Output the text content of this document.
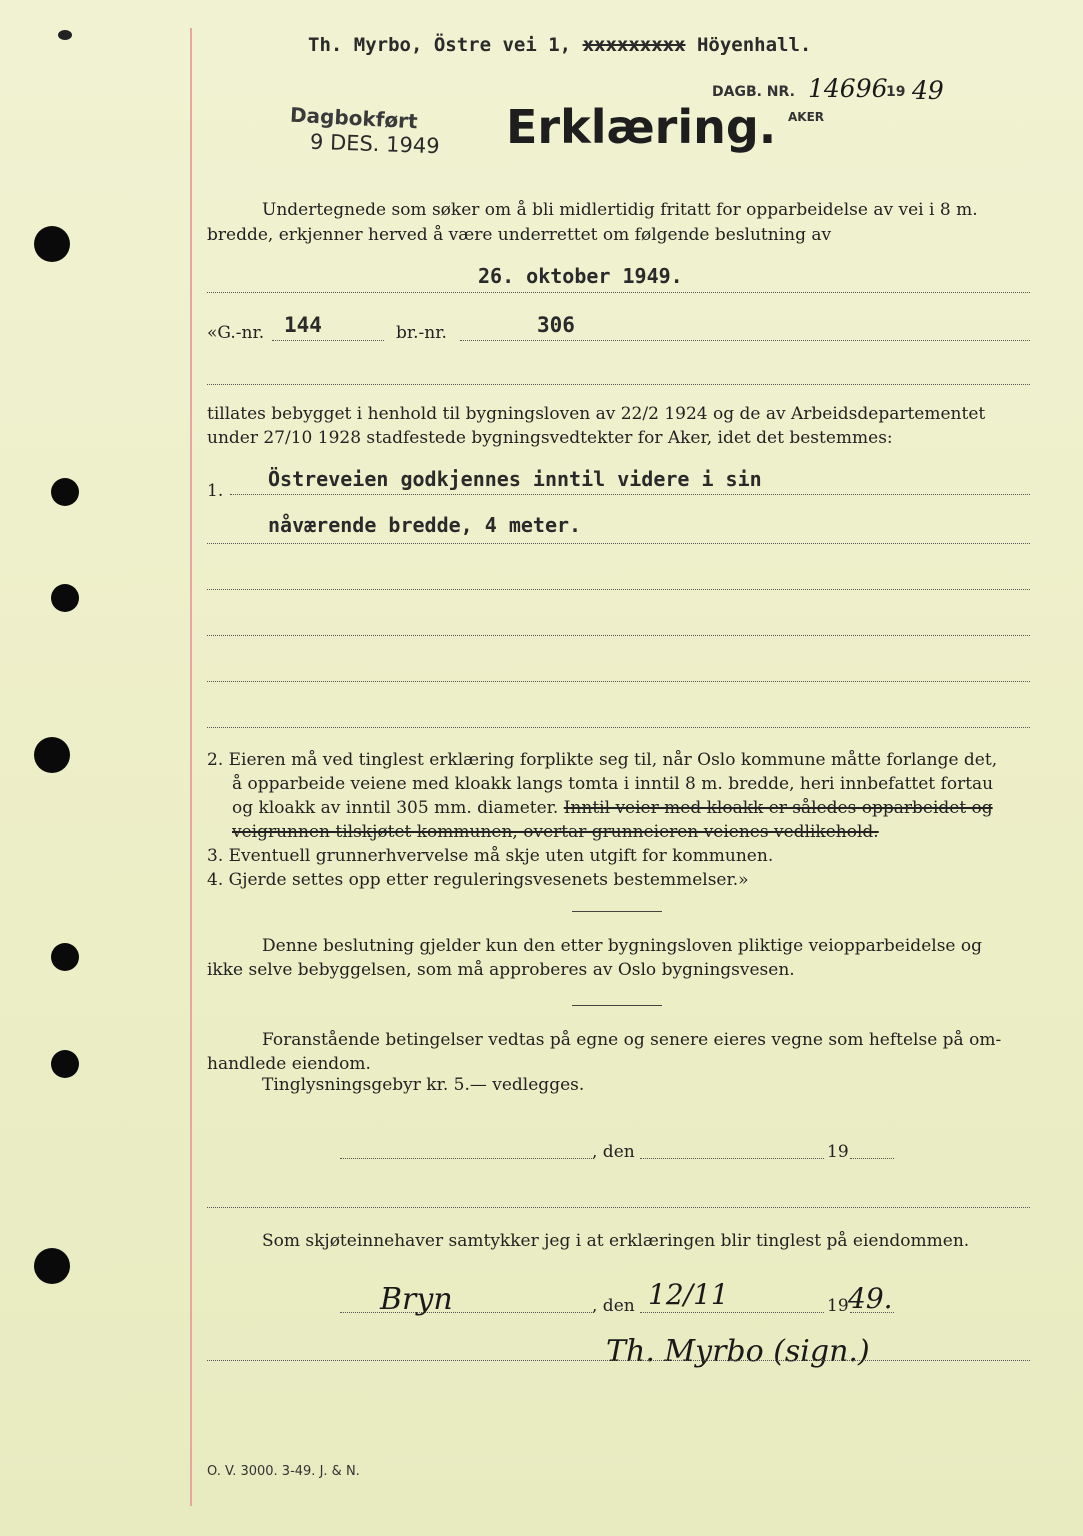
Th. Myrbo, Östre vei 1, xxxxxxxxx Höyenhall.
Dagbokført
9 DES. 1949 Erklæring.
DAGB. NR. 14696
19 49
AKER
Undertegnede som søker om å bli midlertidig fritatt for opparbeidelse av vei i 8 m.
bredde, erkjenner herved å være underrettet om følgende beslutning av
26. oktober 1949.
«G.-nr. 144	br.-nr.	306
tillates bebygget i henhold til bygningsloven av 22/2 1924 og de av Arbeidsdepartementet
under 27/10 1928 stadfestede bygningsvedtekter for Aker, idet det bestemmes:
1. Östreveien godkjennes inntil videre i sin
nåværende bredde, 4 meter.
2. Eieren må ved tinglest erklæring forplikte seg til, når Oslo kommune måtte forlange det,
å opparbeide veiene med kloakk langs tomta i inntil 8 m. bredde, heri innbefattet fortau
og kloakk av inntil 305 mm. diameter. Inntil veier med kloakk er således opparbeidet og
veigrunnen tilskjøtet kommunen, overtar grunneieren veienes vedlikehold.
3. Eventuell grunnerhvervelse må skje uten utgift for kommunen.
4. Gjerde settes opp etter reguleringsvesenets bestemmelser.»
Denne beslutning gjelder kun den etter bygningsloven pliktige veiopparbeidelse og
ikke selve bebyggelsen, som må approberes av Oslo bygningsvesen.
Foranstående betingelser vedtas på egne og senere eieres vegne som heftelse på om-
handlede eiendom.
Tinglysningsgebyr kr. 5.— vedlegges.
, den	19
Som skjøteinnehaver samtykker jeg i at erklæringen blir tinglest på eiendommen.
Bryn	, den 12/11	19 49.
Th. Myrbo (sign.)
O. V. 3000. 3-49. J. & N.
